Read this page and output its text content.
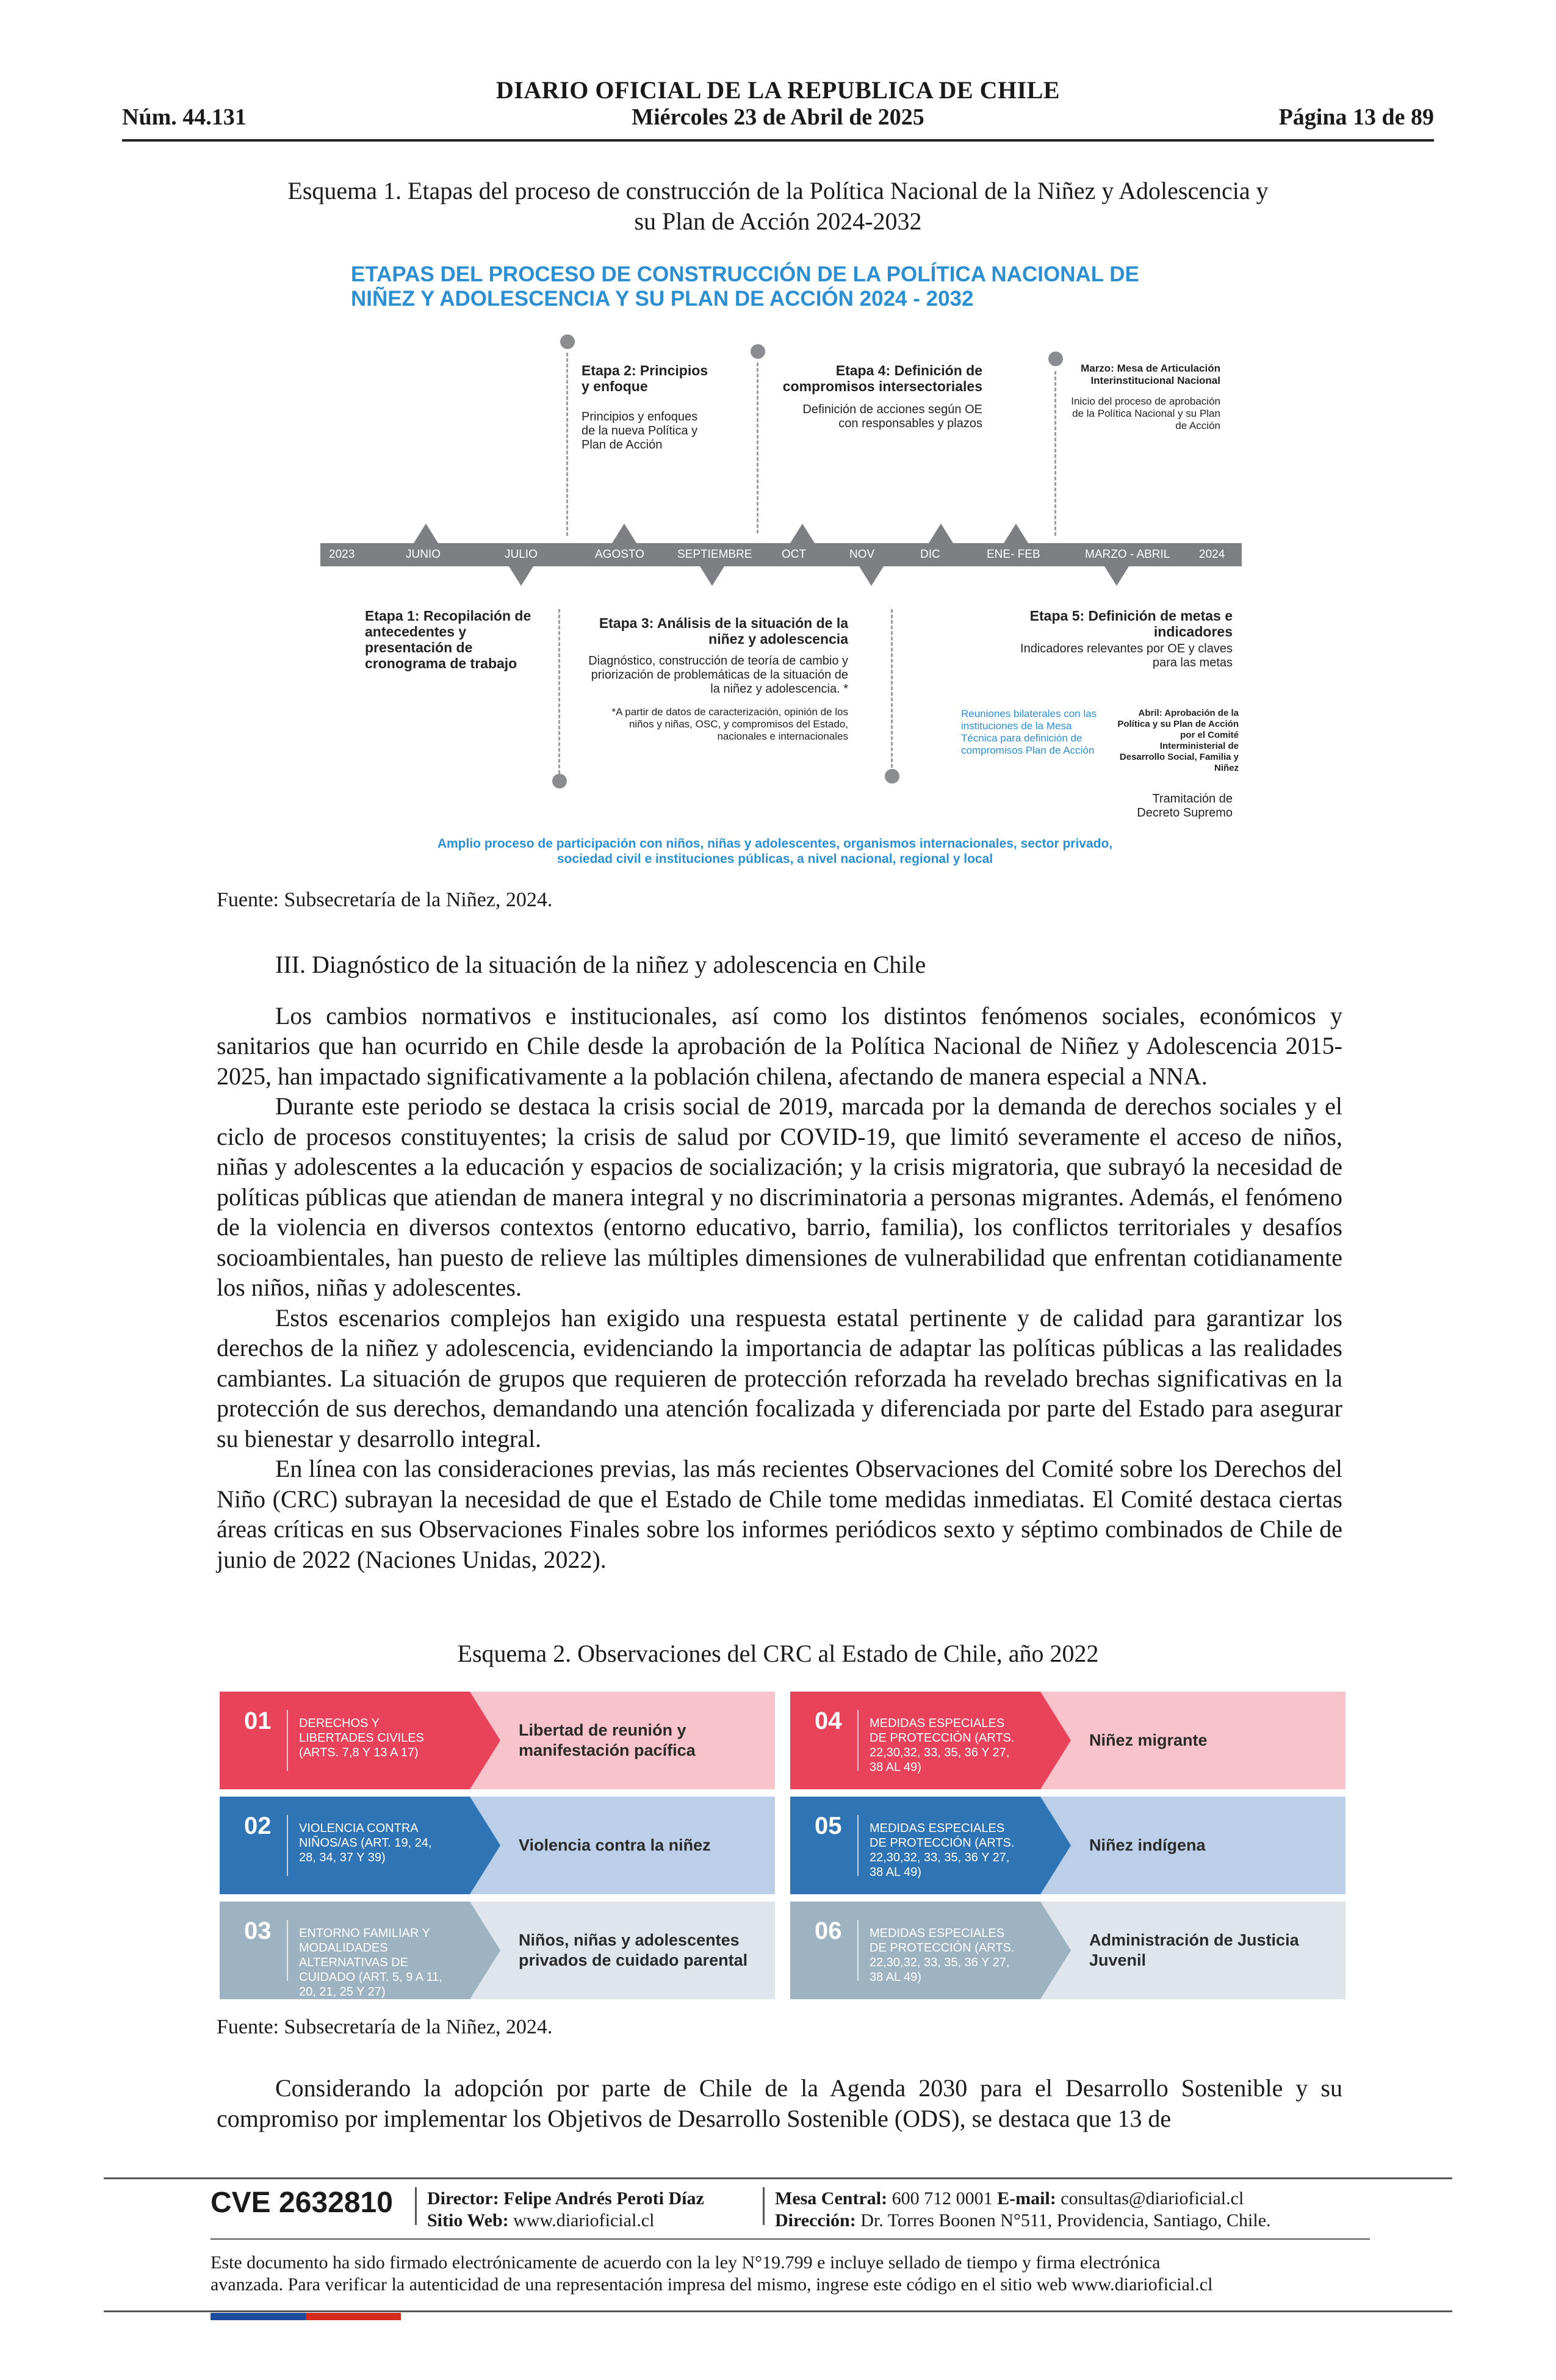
DIARIO OFICIAL DE LA REPUBLICA DE CHILE
Núm. 44.131	Miércoles 23 de Abril de 2025	Página 13 de 89
Esquema 1. Etapas del proceso de construcción de la Política Nacional de la Niñez y Adolescencia y
su Plan de Acción 2024-2032
ETAPAS DEL PROCESO DE CONSTRUCCIÓN DE LA POLÍTICA NACIONAL DE
NIÑEZ Y ADOLESCENCIA Y SU PLAN DE ACCIÓN 2024 - 2032
Etapa 2: Principios y enfoque
Principios y enfoques de la nueva Política y Plan de Acción
Etapa 4: Definición de compromisos intersectoriales
Definición de acciones según OE con responsables y plazos
Marzo: Mesa de Articulación Interinstitucional Nacional
Inicio del proceso de aprobación de la Política Nacional y su Plan de Acción
2023	JUNIO	JULIO	AGOSTO	SEPTIEMBRE	OCT	NOV	DIC	ENE- FEB	MARZO - ABRIL	2024
Etapa 1: Recopilación de antecedentes y presentación de cronograma de trabajo
Etapa 3: Análisis de la situación de la niñez y adolescencia
Diagnóstico, construcción de teoría de cambio y priorización de problemáticas de la situación de la niñez y adolescencia. *
*A partir de datos de caracterización, opinión de los niños y niñas, OSC, y compromisos del Estado, nacionales e internacionales
Etapa 5: Definición de metas e indicadores
Indicadores relevantes por OE y claves para las metas
Reuniones bilaterales con las instituciones de la Mesa Técnica para definición de compromisos Plan de Acción
Abril: Aprobación de la Política y su Plan de Acción por el Comité Interministerial de Desarrollo Social, Familia y Niñez
Tramitación de Decreto Supremo
Amplio proceso de participación con niños, niñas y adolescentes, organismos internacionales, sector privado,
sociedad civil e instituciones públicas, a nivel nacional, regional y local
Fuente: Subsecretaría de la Niñez, 2024.

III. Diagnóstico de la situación de la niñez y adolescencia en Chile

Los cambios normativos e institucionales, así como los distintos fenómenos sociales, económicos y sanitarios que han ocurrido en Chile desde la aprobación de la Política Nacional de Niñez y Adolescencia 2015-2025, han impactado significativamente a la población chilena, afectando de manera especial a NNA.

Durante este periodo se destaca la crisis social de 2019, marcada por la demanda de derechos sociales y el ciclo de procesos constituyentes; la crisis de salud por COVID-19, que limitó severamente el acceso de niños, niñas y adolescentes a la educación y espacios de socialización; y la crisis migratoria, que subrayó la necesidad de políticas públicas que atiendan de manera integral y no discriminatoria a personas migrantes. Además, el fenómeno de la violencia en diversos contextos (entorno educativo, barrio, familia), los conflictos territoriales y desafíos socioambientales, han puesto de relieve las múltiples dimensiones de vulnerabilidad que enfrentan cotidianamente los niños, niñas y adolescentes.

Estos escenarios complejos han exigido una respuesta estatal pertinente y de calidad para garantizar los derechos de la niñez y adolescencia, evidenciando la importancia de adaptar las políticas públicas a las realidades cambiantes. La situación de grupos que requieren de protección reforzada ha revelado brechas significativas en la protección de sus derechos, demandando una atención focalizada y diferenciada por parte del Estado para asegurar su bienestar y desarrollo integral.

En línea con las consideraciones previas, las más recientes Observaciones del Comité sobre los Derechos del Niño (CRC) subrayan la necesidad de que el Estado de Chile tome medidas inmediatas. El Comité destaca ciertas áreas críticas en sus Observaciones Finales sobre los informes periódicos sexto y séptimo combinados de Chile de junio de 2022 (Naciones Unidas, 2022).

Esquema 2. Observaciones del CRC al Estado de Chile, año 2022
01 DERECHOS Y LIBERTADES CIVILES (ARTS. 7,8 Y 13 A 17)
Libertad de reunión y manifestación pacífica
02 VIOLENCIA CONTRA NIÑOS/AS (ART. 19, 24, 28, 34, 37 Y 39)
Violencia contra la niñez
03 ENTORNO FAMILIAR Y MODALIDADES ALTERNATIVAS DE CUIDADO (ART. 5, 9 A 11, 20, 21, 25 Y 27)
Niños, niñas y adolescentes privados de cuidado parental
04 MEDIDAS ESPECIALES DE PROTECCIÓN (ARTS. 22,30,32, 33, 35, 36 Y 27, 38 AL 49)
Niñez migrante
05 MEDIDAS ESPECIALES DE PROTECCIÓN (ARTS. 22,30,32, 33, 35, 36 Y 27, 38 AL 49)
Niñez indígena
06 MEDIDAS ESPECIALES DE PROTECCIÓN (ARTS. 22,30,32, 33, 35, 36 Y 27, 38 AL 49)
Administración de Justicia Juvenil
Fuente: Subsecretaría de la Niñez, 2024.

Considerando la adopción por parte de Chile de la Agenda 2030 para el Desarrollo Sostenible y su compromiso por implementar los Objetivos de Desarrollo Sostenible (ODS), se destaca que 13 de

CVE 2632810 Director: Felipe Andrés Peroti Díaz
Sitio Web: www.diarioficial.cl
Mesa Central: 600 712 0001 E-mail: consultas@diarioficial.cl
Dirección: Dr. Torres Boonen N°511, Providencia, Santiago, Chile.
Este documento ha sido firmado electrónicamente de acuerdo con la ley N°19.799 e incluye sellado de tiempo y firma electrónica
avanzada. Para verificar la autenticidad de una representación impresa del mismo, ingrese este código en el sitio web www.diarioficial.cl
